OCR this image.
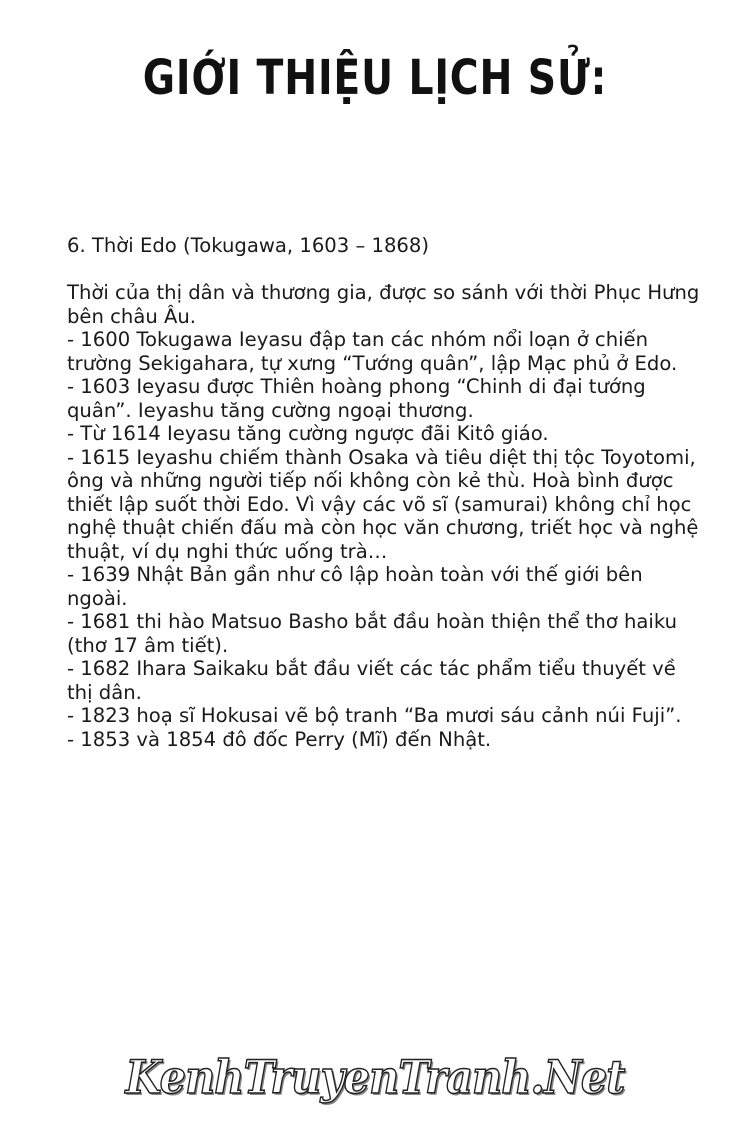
GIỚI THIỆU LỊCH SỬ:

6. Thời Edo (Tokugawa, 1603 – 1868)

Thời của thị dân và thương gia, được so sánh với thời Phục Hưng

bên châu Âu.

- 1600 Tokugawa Ieyasu đập tan các nhóm nổi loạn ở chiến

trường Sekigahara, tự xưng “Tướng quân”, lập Mạc phủ ở Edo.

- 1603 Ieyasu được Thiên hoàng phong “Chinh di đại tướng

quân”. Ieyashu tăng cường ngoại thương.

- Từ 1614 Ieyasu tăng cường ngược đãi Kitô giáo.

- 1615 Ieyashu chiếm thành Osaka và tiêu diệt thị tộc Toyotomi,

ông và những người tiếp nối không còn kẻ thù. Hoà bình được

thiết lập suốt thời Edo. Vì vậy các võ sĩ (samurai) không chỉ học

nghệ thuật chiến đấu mà còn học văn chương, triết học và nghệ

thuật, ví dụ nghi thức uống trà…

- 1639 Nhật Bản gần như cô lập hoàn toàn với thế giới bên

ngoài.

- 1681 thi hào Matsuo Basho bắt đầu hoàn thiện thể thơ haiku

(thơ 17 âm tiết).

- 1682 Ihara Saikaku bắt đầu viết các tác phẩm tiểu thuyết về

thị dân.

- 1823 hoạ sĩ Hokusai vẽ bộ tranh “Ba mươi sáu cảnh núi Fuji”.

- 1853 và 1854 đô đốc Perry (Mĩ) đến Nhật.

KenhTruyenTranh.Net
